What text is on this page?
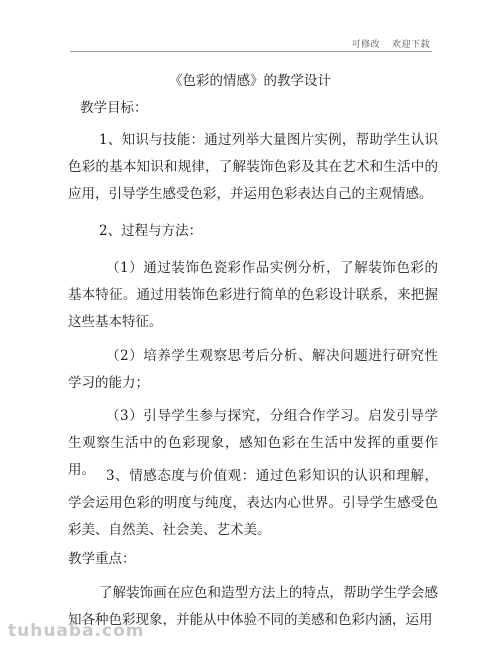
可修改 欢迎下载
《色彩的情感》的教学设计
教学目标：
1、知识与技能：通过列举大量图片实例，帮助学生认识色彩的基本知识和规律，了解装饰色彩及其在艺术和生活中的应用，引导学生感受色彩，并运用色彩表达自己的主观情感。
2、过程与方法：
（1）通过装饰色瓷彩作品实例分析，了解装饰色彩的基本特征。通过用装饰色彩进行简单的色彩设计联系，来把握这些基本特征。
（2）培养学生观察思考后分析、解决问题进行研究性学习的能力；
（3）引导学生参与探究，分组合作学习。启发引导学生观察生活中的色彩现象，感知色彩在生活中发挥的重要作用。 3、情感态度与价值观：通过色彩知识的认识和理解，学会运用色彩的明度与纯度，表达内心世界。引导学生感受色彩美、自然美、社会美、艺术美。
教学重点：
了解装饰画在应色和造型方法上的特点，帮助学生学会感知各种色彩现象，并能从中体验不同的美感和色彩内涵，运用
tuhuaba.com
